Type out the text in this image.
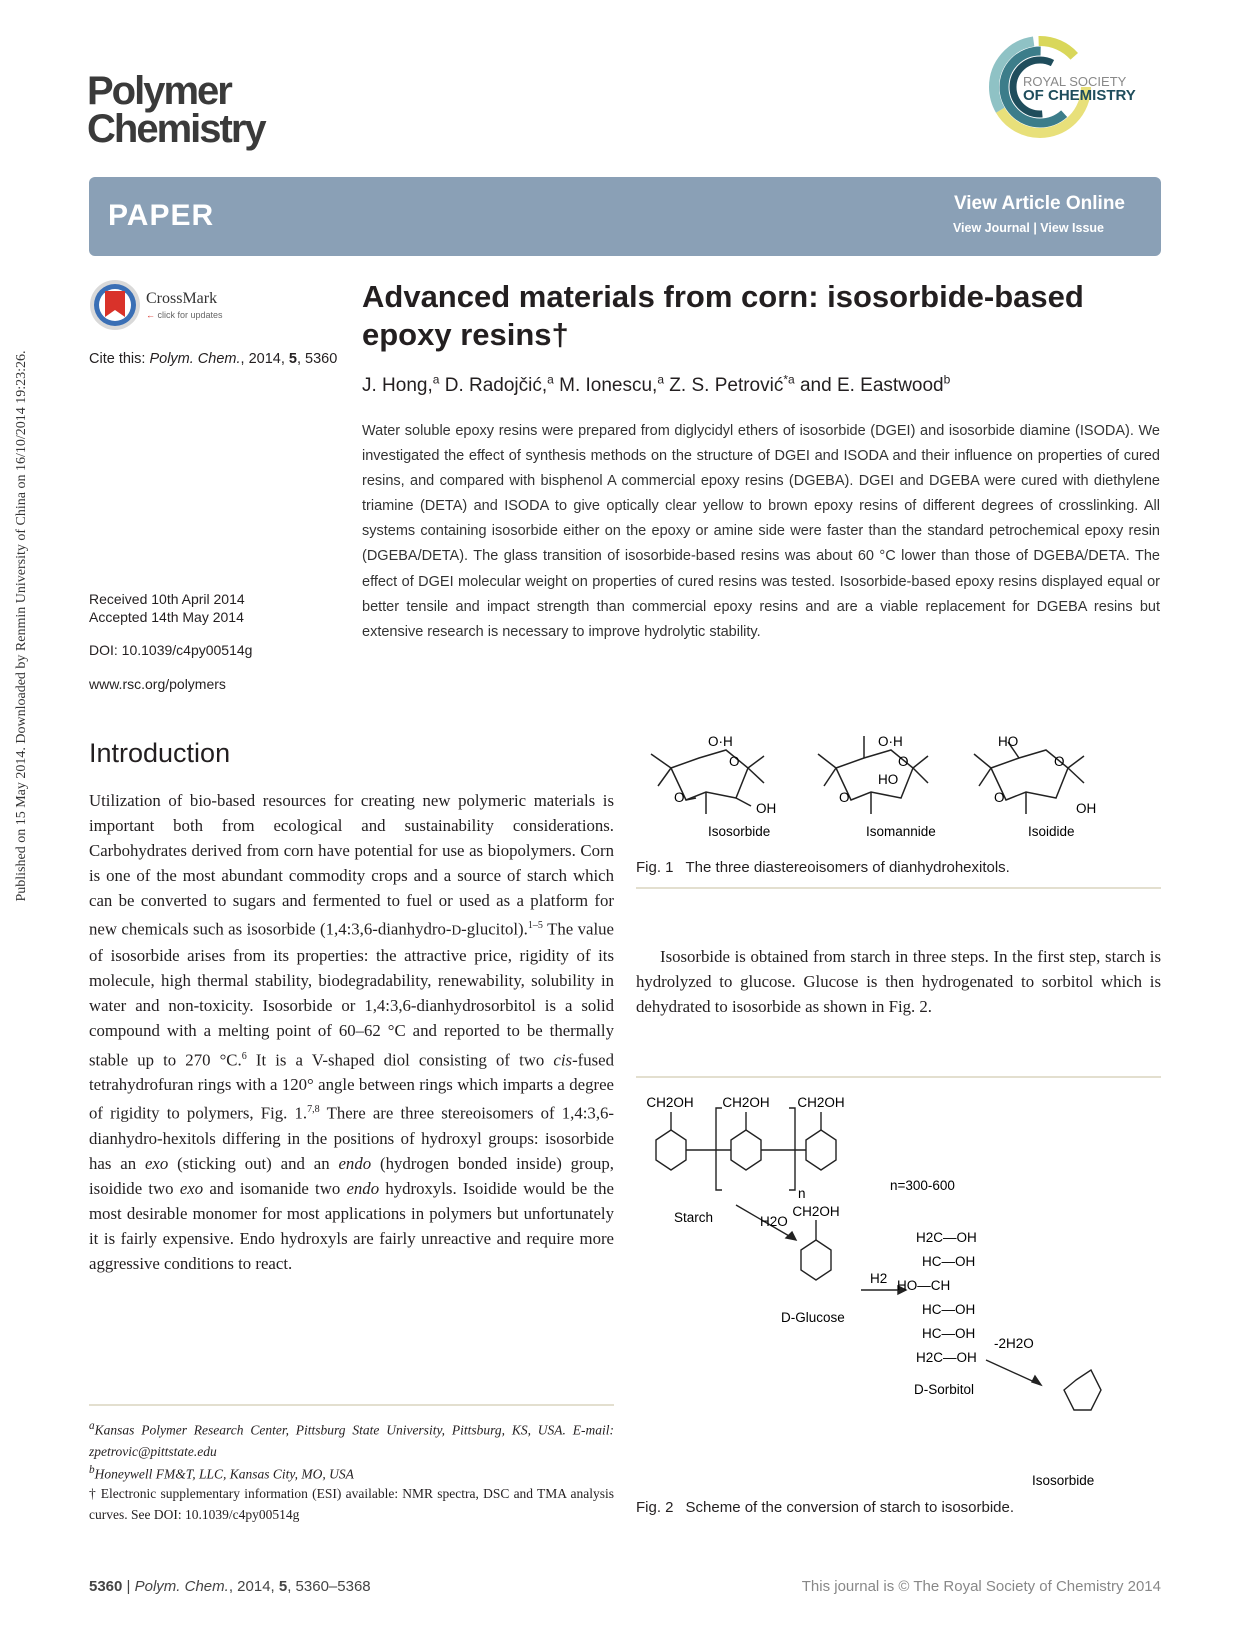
Published on 15 May 2014. Downloaded by Renmin University of China on 16/10/2014 19:23:26.
Polymer
Chemistry
ROYAL SOCIETY
OF CHEMISTRY
PAPER	View Article Online
View Journal | View Issue
CrossMark
← click for updates
Cite this: Polym. Chem., 2014, 5, 5360
Received 10th April 2014
Accepted 14th May 2014
DOI: 10.1039/c4py00514g
www.rsc.org/polymers
Advanced materials from corn: isosorbide-based epoxy resins†
J. Hong,$^a$ D. Radojčić,$^a$ M. Ionescu,$^a$ Z. S. Petrović$^{*a}$ and E. Eastwood$^b$
Water soluble epoxy resins were prepared from diglycidyl ethers of isosorbide (DGEI) and isosorbide diamine (ISODA). We investigated the effect of synthesis methods on the structure of DGEI and ISODA and their influence on properties of cured resins, and compared with bisphenol A commercial epoxy resins (DGEBA). DGEI and DGEBA were cured with diethylene triamine (DETA) and ISODA to give optically clear yellow to brown epoxy resins of different degrees of crosslinking. All systems containing isosorbide either on the epoxy or amine side were faster than the standard petrochemical epoxy resin (DGEBA/DETA). The glass transition of isosorbide-based resins was about 60 °C lower than those of DGEBA/DETA. The effect of DGEI molecular weight on properties of cured resins was tested. Isosorbide-based epoxy resins displayed equal or better tensile and impact strength than commercial epoxy resins and are a viable replacement for DGEBA resins but extensive research is necessary to improve hydrolytic stability.
Introduction
Utilization of bio-based resources for creating new polymeric materials is important both from ecological and sustainability considerations. Carbohydrates derived from corn have potential for use as biopolymers. Corn is one of the most abundant commodity crops and a source of starch which can be converted to sugars and fermented to fuel or used as a platform for new chemicals such as isosorbide (1,4:3,6-dianhydro-D-glucitol).$^{1-5}$ The value of isosorbide arises from its properties: the attractive price, rigidity of its molecule, high thermal stability, biodegradability, renewability, solubility in water and non-toxicity. Isosorbide or 1,4:3,6-dianhydrosorbitol is a solid compound with a melting point of 60–62 °C and reported to be thermally stable up to 270 °C.$^6$ It is a V-shaped diol consisting of two cis-fused tetrahydrofuran rings with a 120° angle between rings which imparts a degree of rigidity to polymers, Fig. 1.$^{7,8}$ There are three stereoisomers of 1,4:3,6-dianhydro-hexitols differing in the positions of hydroxyl groups: isosorbide has an exo (sticking out) and an endo (hydrogen bonded inside) group, isoidide two exo and isomanide two endo hydroxyls. Isoidide would be the most desirable monomer for most applications in polymers but unfortunately it is fairly expensive. Endo hydroxyls are fairly unreactive and require more aggressive conditions to react.
O·H
O
O
OH
O·H
O
HO
O
HO
O
O
OH
Isosorbide	Isomannide	Isoidide
Fig. 1 The three diastereoisomers of dianhydrohexitols.
Isosorbide is obtained from starch in three steps. In the first step, starch is hydrolyzed to glucose. Glucose is then hydrogenated to sorbitol which is dehydrated to isosorbide as shown in Fig. 2.
CH2OH CH2OH CH2OH
n
n=300-600
Starch	H2O
CH2OH
H2
D-Glucose
H2C—OH
HC—OH
HO—CH
HC—OH
HC—OH
H2C—OH
D-Sorbitol
-2H2O
Isosorbide
Fig. 2 Scheme of the conversion of starch to isosorbide.
$^a$Kansas Polymer Research Center, Pittsburg State University, Pittsburg, KS, USA. E-mail: zpetrovic@pittstate.edu
$^b$Honeywell FM&T, LLC, Kansas City, MO, USA
† Electronic supplementary information (ESI) available: NMR spectra, DSC and TMA analysis curves. See DOI: 10.1039/c4py00514g
5360 | Polym. Chem., 2014, 5, 5360–5368	This journal is © The Royal Society of Chemistry 2014
